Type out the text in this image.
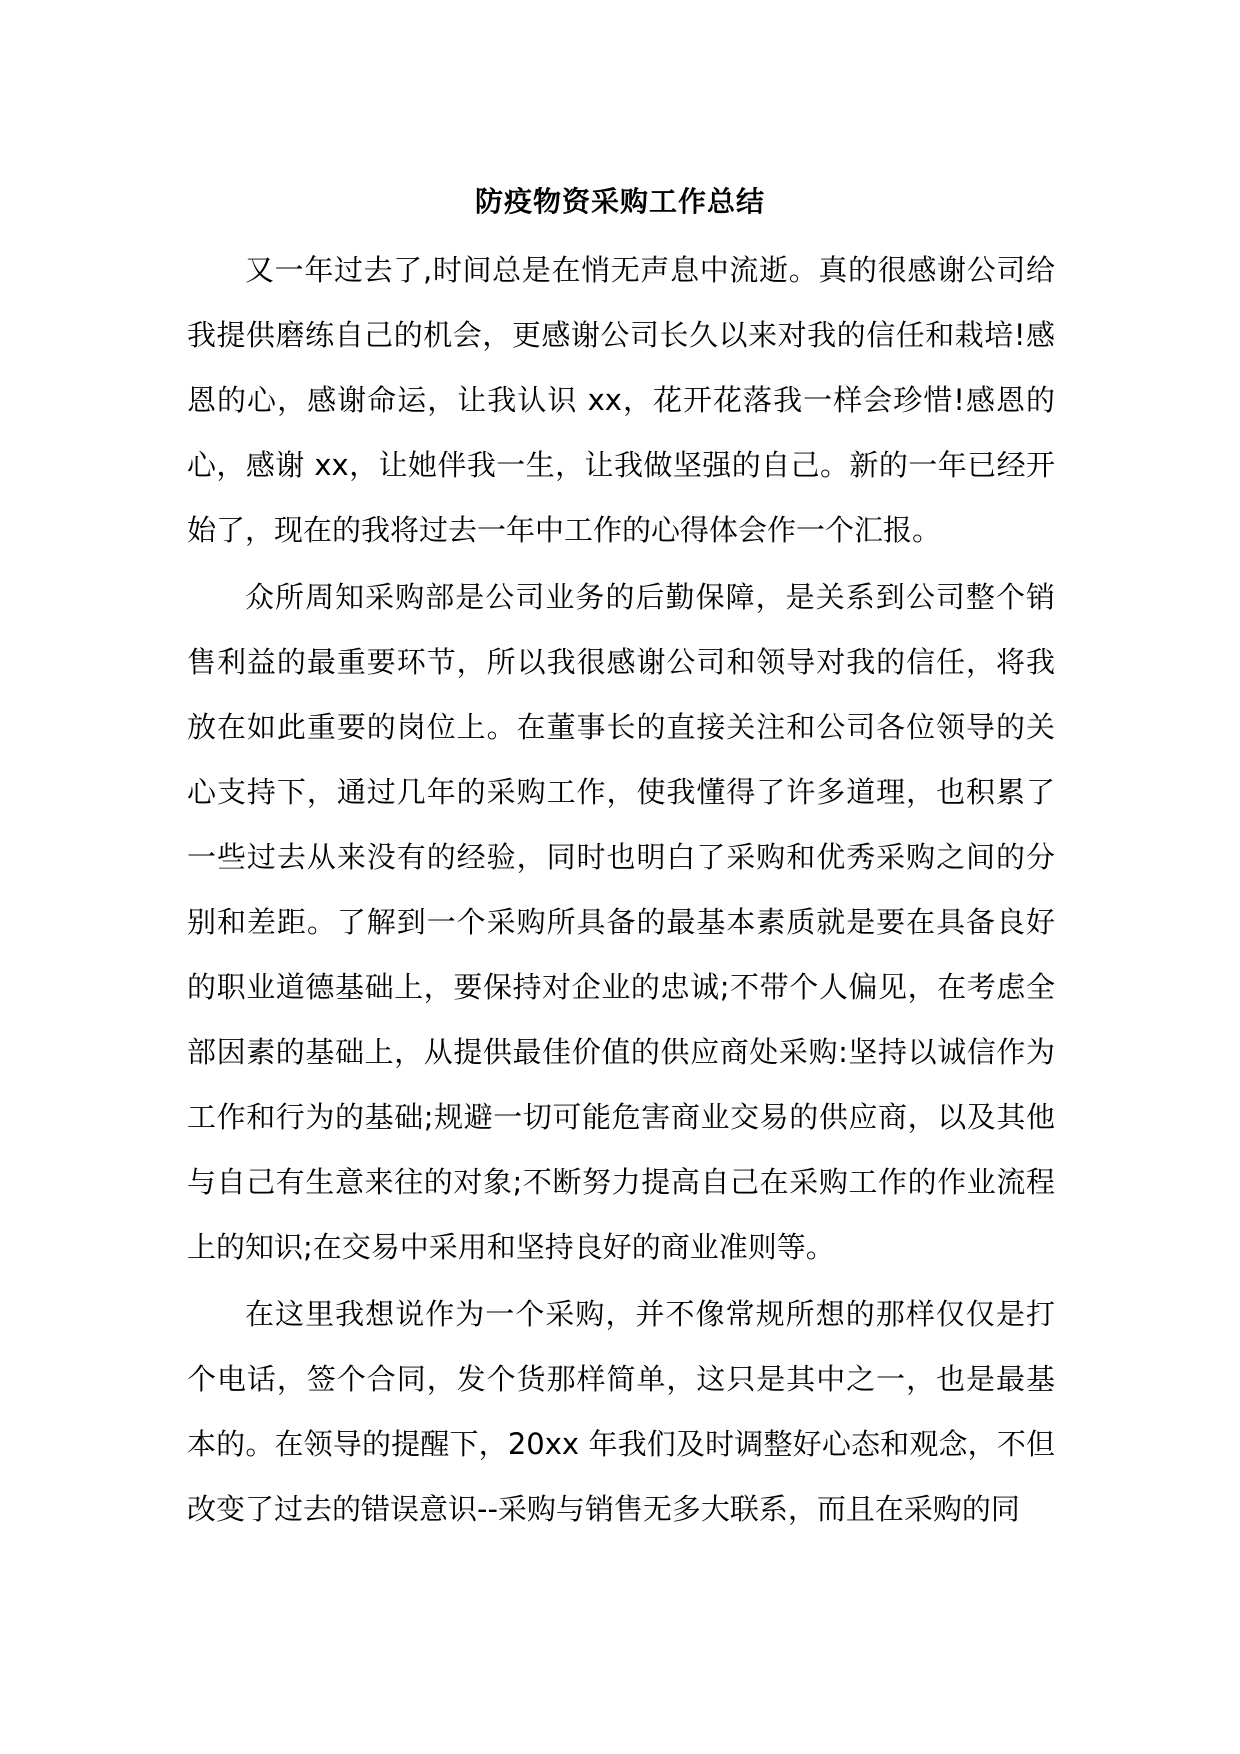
防疫物资采购工作总结

又一年过去了,时间总是在悄无声息中流逝。真的很感谢公司给我提供磨练自己的机会，更感谢公司长久以来对我的信任和栽培!感恩的心，感谢命运，让我认识 xx，花开花落我一样会珍惜!感恩的心，感谢 xx，让她伴我一生，让我做坚强的自己。新的一年已经开始了，现在的我将过去一年中工作的心得体会作一个汇报。

众所周知采购部是公司业务的后勤保障，是关系到公司整个销售利益的最重要环节，所以我很感谢公司和领导对我的信任，将我放在如此重要的岗位上。在董事长的直接关注和公司各位领导的关心支持下，通过几年的采购工作，使我懂得了许多道理，也积累了一些过去从来没有的经验，同时也明白了采购和优秀采购之间的分别和差距。了解到一个采购所具备的最基本素质就是要在具备良好的职业道德基础上，要保持对企业的忠诚;不带个人偏见，在考虑全部因素的基础上，从提供最佳价值的供应商处采购:坚持以诚信作为工作和行为的基础;规避一切可能危害商业交易的供应商，以及其他与自己有生意来往的对象;不断努力提高自己在采购工作的作业流程上的知识;在交易中采用和坚持良好的商业准则等。

在这里我想说作为一个采购，并不像常规所想的那样仅仅是打个电话，签个合同，发个货那样简单，这只是其中之一，也是最基本的。在领导的提醒下，20xx 年我们及时调整好心态和观念，不但改变了过去的错误意识--采购与销售无多大联系，而且在采购的同
